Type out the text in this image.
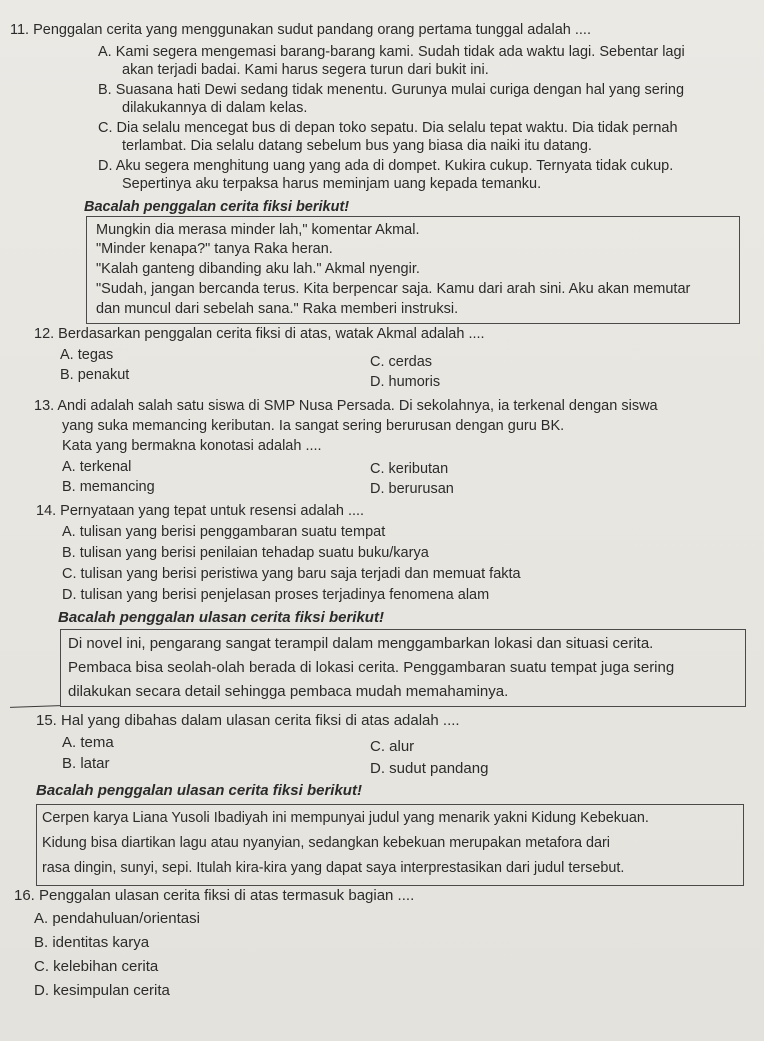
11. Penggalan cerita yang menggunakan sudut pandang orang pertama tunggal adalah ....
A. Kami segera mengemasi barang-barang kami. Sudah tidak ada waktu lagi. Sebentar lagi
akan terjadi badai. Kami harus segera turun dari bukit ini.
B. Suasana hati Dewi sedang tidak menentu. Gurunya mulai curiga dengan hal yang sering
dilakukannya di dalam kelas.
C. Dia selalu mencegat bus di depan toko sepatu. Dia selalu tepat waktu. Dia tidak pernah
terlambat. Dia selalu datang sebelum bus yang biasa dia naiki itu datang.
D. Aku segera menghitung uang yang ada di dompet. Kukira cukup. Ternyata tidak cukup.
Sepertinya aku terpaksa harus meminjam uang kepada temanku.
Bacalah penggalan cerita fiksi berikut!
Mungkin dia merasa minder lah," komentar Akmal.
"Minder kenapa?" tanya Raka heran.
"Kalah ganteng dibanding aku lah." Akmal nyengir.
"Sudah, jangan bercanda terus. Kita berpencar saja. Kamu dari arah sini. Aku akan memutar
dan muncul dari sebelah sana." Raka memberi instruksi.
12. Berdasarkan penggalan cerita fiksi di atas, watak Akmal adalah ....
A. tegas
B. penakut
C. cerdas
D. humoris
13. Andi adalah salah satu siswa di SMP Nusa Persada. Di sekolahnya, ia terkenal dengan siswa
yang suka memancing keributan. Ia sangat sering berurusan dengan guru BK.
Kata yang bermakna konotasi adalah ....
A. terkenal
B. memancing
C. keributan
D. berurusan
14. Pernyataan yang tepat untuk resensi adalah ....
A. tulisan yang berisi penggambaran suatu tempat
B. tulisan yang berisi penilaian tehadap suatu buku/karya
C. tulisan yang berisi peristiwa yang baru saja terjadi dan memuat fakta
D. tulisan yang berisi penjelasan proses terjadinya fenomena alam
Bacalah penggalan ulasan cerita fiksi berikut!
Di novel ini, pengarang sangat terampil dalam menggambarkan lokasi dan situasi cerita.
Pembaca bisa seolah-olah berada di lokasi cerita. Penggambaran suatu tempat juga sering
dilakukan secara detail sehingga pembaca mudah memahaminya.
15. Hal yang dibahas dalam ulasan cerita fiksi di atas adalah ....
A. tema
B. latar
C. alur
D. sudut pandang
Bacalah penggalan ulasan cerita fiksi berikut!
Cerpen karya Liana Yusoli Ibadiyah ini mempunyai judul yang menarik yakni Kidung Kebekuan.
Kidung bisa diartikan lagu atau nyanyian, sedangkan kebekuan merupakan metafora dari
rasa dingin, sunyi, sepi. Itulah kira-kira yang dapat saya interprestasikan dari judul tersebut.
16. Penggalan ulasan cerita fiksi di atas termasuk bagian ....
A. pendahuluan/orientasi
B. identitas karya
C. kelebihan cerita
D. kesimpulan cerita
